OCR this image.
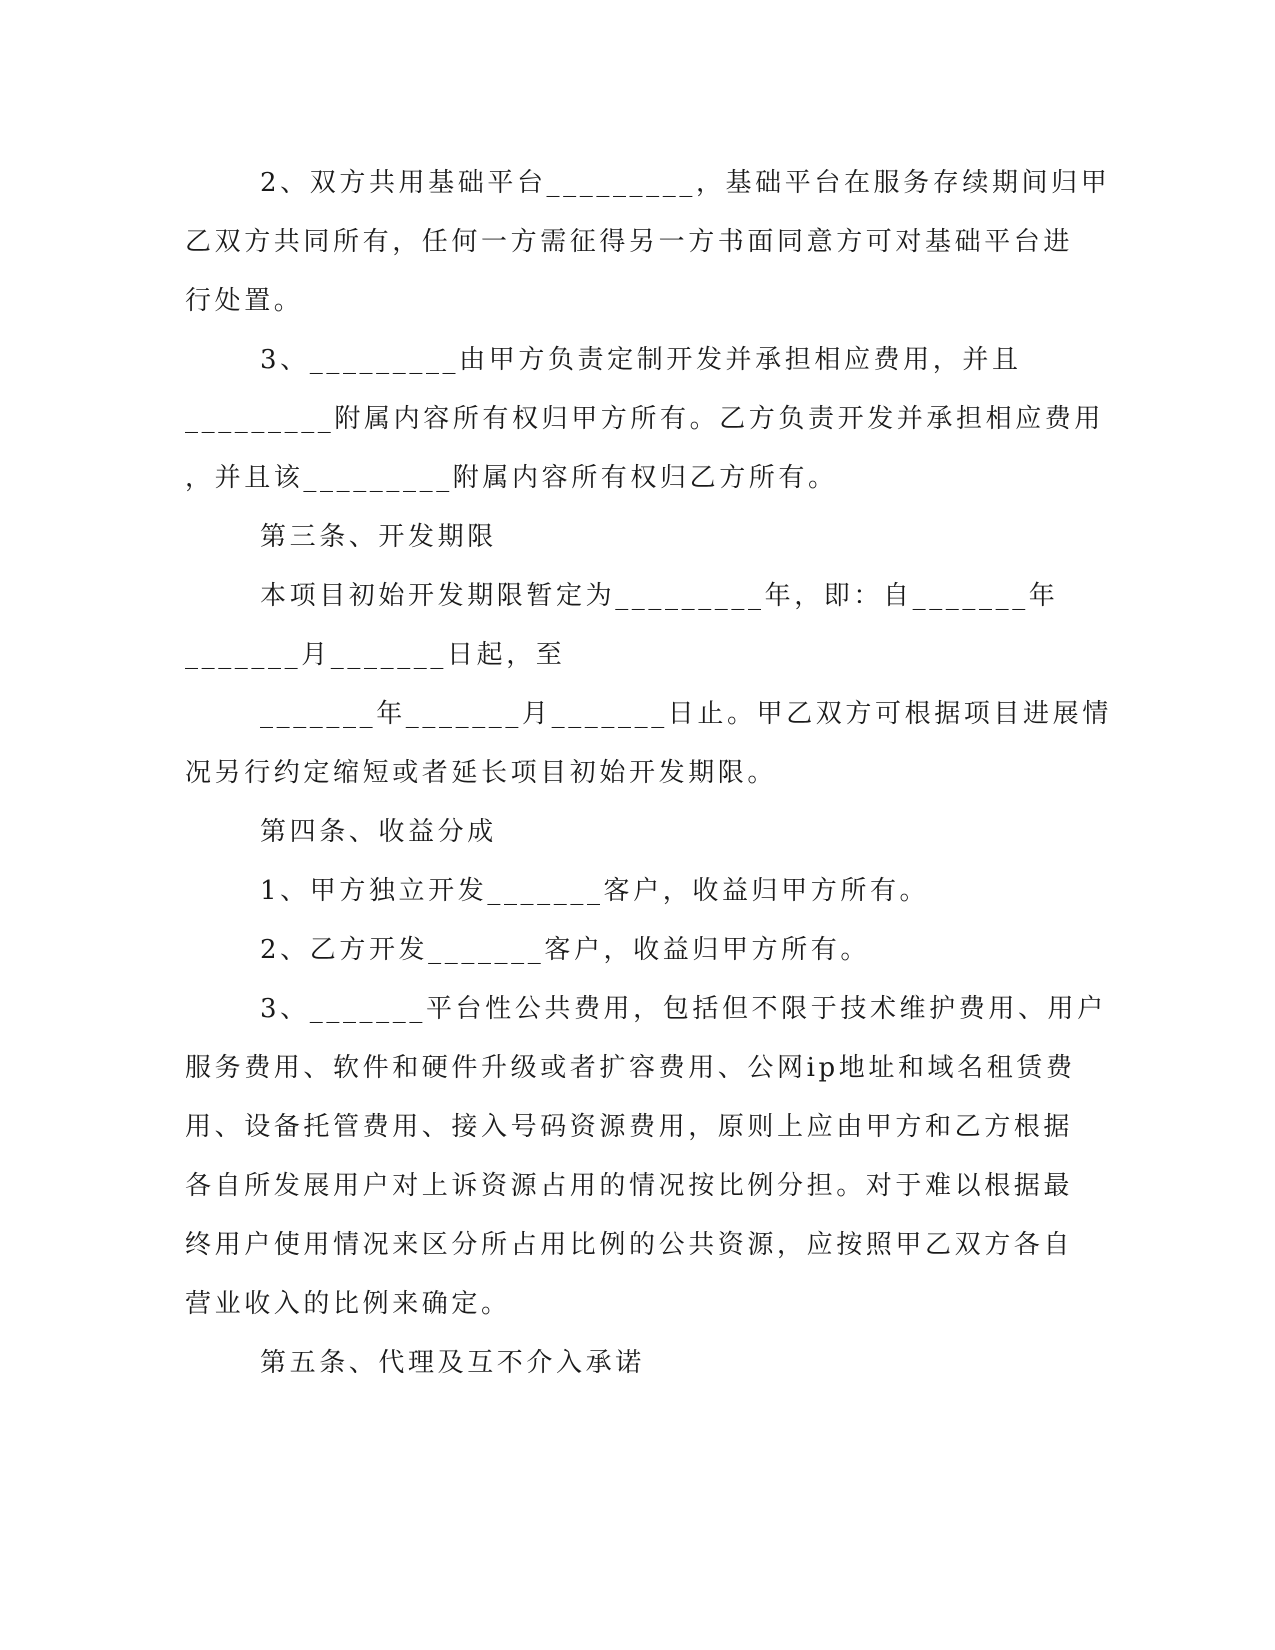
2、双方共用基础平台_________，基础平台在服务存续期间归甲
乙双方共同所有，任何一方需征得另一方书面同意方可对基础平台进
行处置。
3、_________由甲方负责定制开发并承担相应费用，并且
_________附属内容所有权归甲方所有。乙方负责开发并承担相应费用
，并且该_________附属内容所有权归乙方所有。
第三条、开发期限
本项目初始开发期限暂定为_________年，即：自_______年
_______月_______日起，至
_______年_______月_______日止。甲乙双方可根据项目进展情
况另行约定缩短或者延长项目初始开发期限。
第四条、收益分成
1、甲方独立开发_______客户，收益归甲方所有。
2、乙方开发_______客户，收益归甲方所有。
3、_______平台性公共费用，包括但不限于技术维护费用、用户
服务费用、软件和硬件升级或者扩容费用、公网ip地址和域名租赁费
用、设备托管费用、接入号码资源费用，原则上应由甲方和乙方根据
各自所发展用户对上诉资源占用的情况按比例分担。对于难以根据最
终用户使用情况来区分所占用比例的公共资源，应按照甲乙双方各自
营业收入的比例来确定。
第五条、代理及互不介入承诺
